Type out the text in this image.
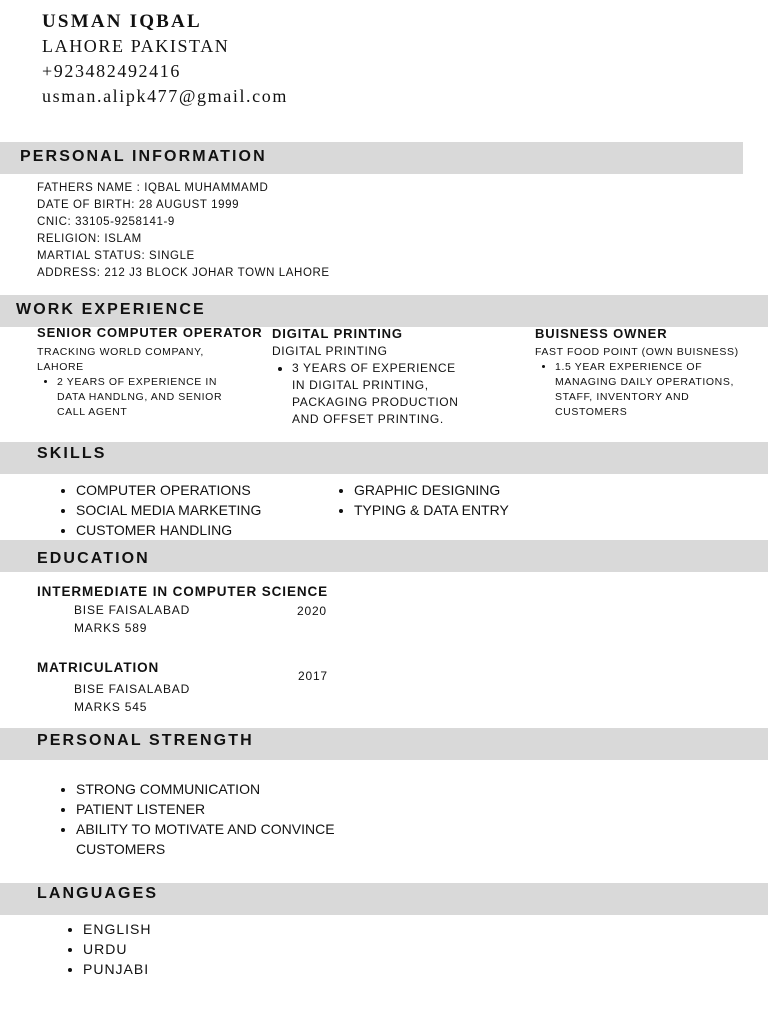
USMAN IQBAL
LAHORE PAKISTAN
+923482492416
usman.alipk477@gmail.com
PERSONAL INFORMATION
FATHERS NAME : IQBAL MUHAMMAMD
DATE OF BIRTH: 28 AUGUST 1999
CNIC: 33105-9258141-9
RELIGION: ISLAM
MARTIAL STATUS: SINGLE
ADDRESS: 212 J3 BLOCK JOHAR TOWN LAHORE
WORK EXPERIENCE
SENIOR COMPUTER OPERATOR
TRACKING WORLD COMPANY, LAHORE
• 2 YEARS OF EXPERIENCE IN DATA HANDLNG, AND SENIOR CALL AGENT
DIGITAL PRINTING
DIGITAL PRINTING
• 3 YEARS OF EXPERIENCE IN DIGITAL PRINTING, PACKAGING PRODUCTION AND OFFSET PRINTING.
BUISNESS OWNER
FAST FOOD POINT (OWN BUISNESS)
• 1.5 YEAR EXPERIENCE OF MANAGING DAILY OPERATIONS, STAFF, INVENTORY AND CUSTOMERS
SKILLS
• COMPUTER OPERATIONS
• SOCIAL MEDIA MARKETING
• CUSTOMER HANDLING
• GRAPHIC DESIGNING
• TYPING & DATA ENTRY
EDUCATION
INTERMEDIATE IN COMPUTER SCIENCE
BISE FAISALABAD
MARKS 589
2020
MATRICULATION
BISE FAISALABAD
MARKS 545
2017
PERSONAL STRENGTH
• STRONG COMMUNICATION
• PATIENT LISTENER
• ABILITY TO MOTIVATE AND CONVINCE CUSTOMERS
LANGUAGES
• ENGLISH
• URDU
• PUNJABI
